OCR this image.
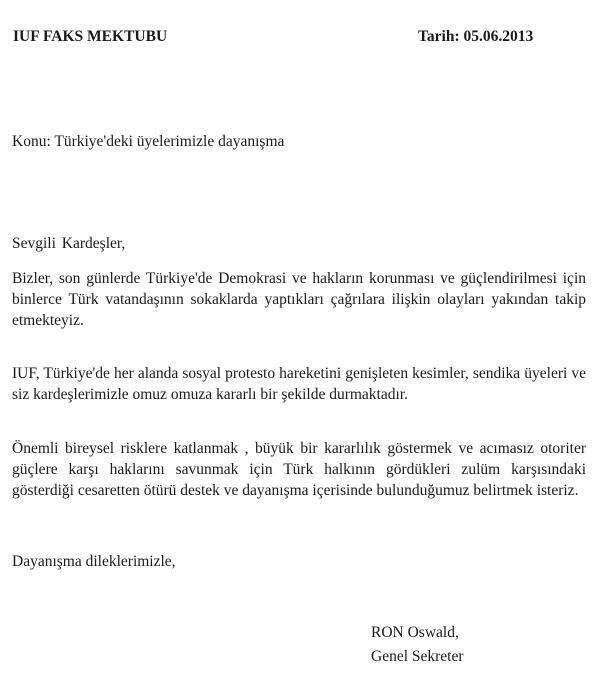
IUF FAKS MEKTUBU	Tarih: 05.06.2013
Konu: Türkiye'deki üyelerimizle dayanışma
Sevgili Kardeşler,
Bizler, son günlerde Türkiye'de Demokrasi ve hakların korunması ve güçlendirilmesi için binlerce Türk vatandaşının sokaklarda yaptıkları çağrılara ilişkin olayları yakından takip etmekteyiz.
IUF, Türkiye'de her alanda sosyal protesto hareketini genişleten kesimler, sendika üyeleri ve siz kardeşlerimizle omuz omuza kararlı bir şekilde durmaktadır.
Önemli bireysel risklere katlanmak , büyük bir kararlılık göstermek ve acımasız otoriter güçlere karşı haklarını savunmak için Türk halkının gördükleri zulüm karşısındaki gösterdiği cesaretten ötürü destek ve dayanışma içerisinde bulunduğumuz belirtmek isteriz.
Dayanışma dileklerimizle,
RON Oswald,
Genel Sekreter
